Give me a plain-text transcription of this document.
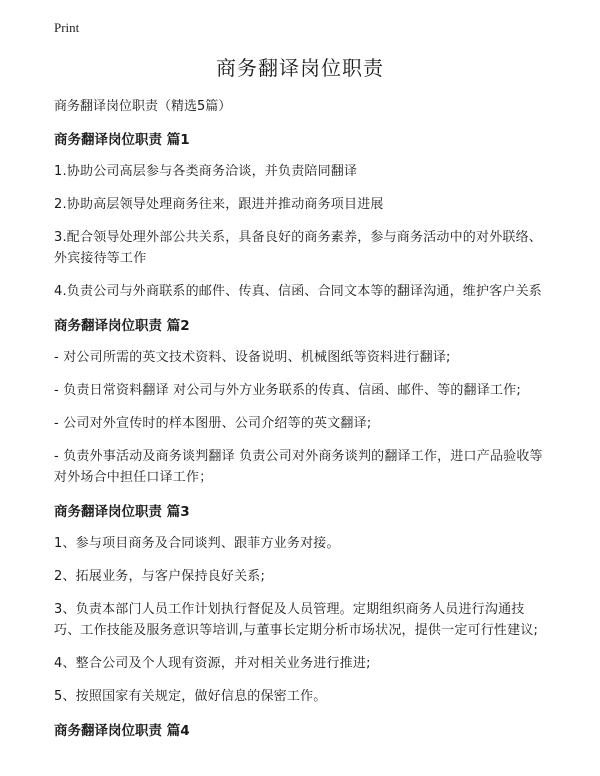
Print
商务翻译岗位职责

商务翻译岗位职责（精选5篇）

商务翻译岗位职责 篇1

1.协助公司高层参与各类商务洽谈，并负责陪同翻译

2.协助高层领导处理商务往来，跟进并推动商务项目进展

3.配合领导处理外部公共关系，具备良好的商务素养，参与商务活动中的对外联络、外宾接待等工作

4.负责公司与外商联系的邮件、传真、信函、合同文本等的翻译沟通，维护客户关系

商务翻译岗位职责 篇2

- 对公司所需的英文技术资料、设备说明、机械图纸等资料进行翻译;

- 负责日常资料翻译 对公司与外方业务联系的传真、信函、邮件、等的翻译工作;

- 公司对外宣传时的样本图册、公司介绍等的英文翻译;

- 负责外事活动及商务谈判翻译 负责公司对外商务谈判的翻译工作，进口产品验收等对外场合中担任口译工作；

商务翻译岗位职责 篇3

1、参与项目商务及合同谈判、跟菲方业务对接。

2、拓展业务，与客户保持良好关系;

3、负责本部门人员工作计划执行督促及人员管理。定期组织商务人员进行沟通技巧、工作技能及服务意识等培训,与董事长定期分析市场状况，提供一定可行性建议;

4、整合公司及个人现有资源，并对相关业务进行推进;

5、按照国家有关规定，做好信息的保密工作。

商务翻译岗位职责 篇4
